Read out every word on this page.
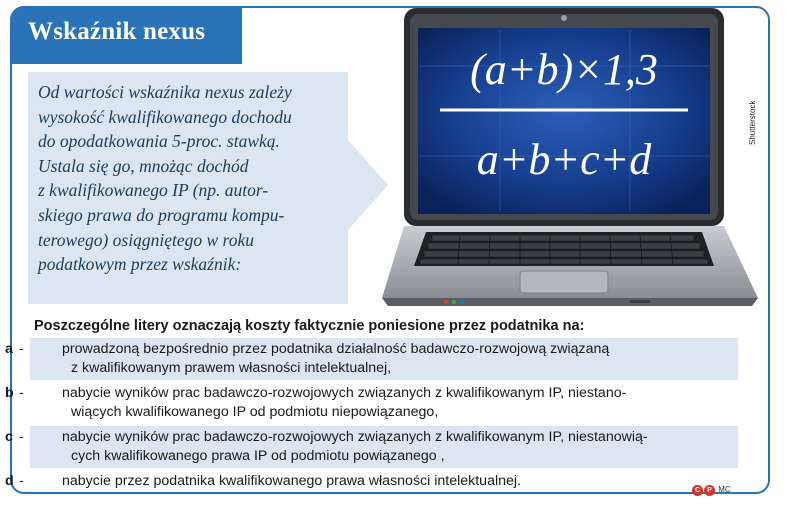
Wskaźnik nexus
Od wartości wskaźnika nexus zależy
wysokość kwalifikowanego dochodu
do opodatkowania 5-proc. stawką.
Ustala się go, mnożąc dochód
z kwalifikowanego IP (np. autor-
skiego prawa do programu kompu-
terowego) osiągniętego w roku
podatkowym przez wskaźnik:
(a+b)×1,3
a+b+c+d
Shutterstock
Poszczególne litery oznaczają koszty faktycznie poniesione przez podatnika na:
a -	prowadzoną bezpośrednio przez podatnika działalność badawczo-rozwojową związaną
z kwalifikowanym prawem własności intelektualnej,
b -	nabycie wyników prac badawczo-rozwojowych związanych z kwalifikowanym IP, niestano-
wiących kwalifikowanego IP od podmiotu niepowiązanego,
c -	nabycie wyników prac badawczo-rozwojowych związanych z kwalifikowanym IP, niestanowią-
cych kwalifikowanego prawa IP od podmiotu powiązanego ,
d -	nabycie przez podatnika kwalifikowanego prawa własności intelektualnej.
C P MC
